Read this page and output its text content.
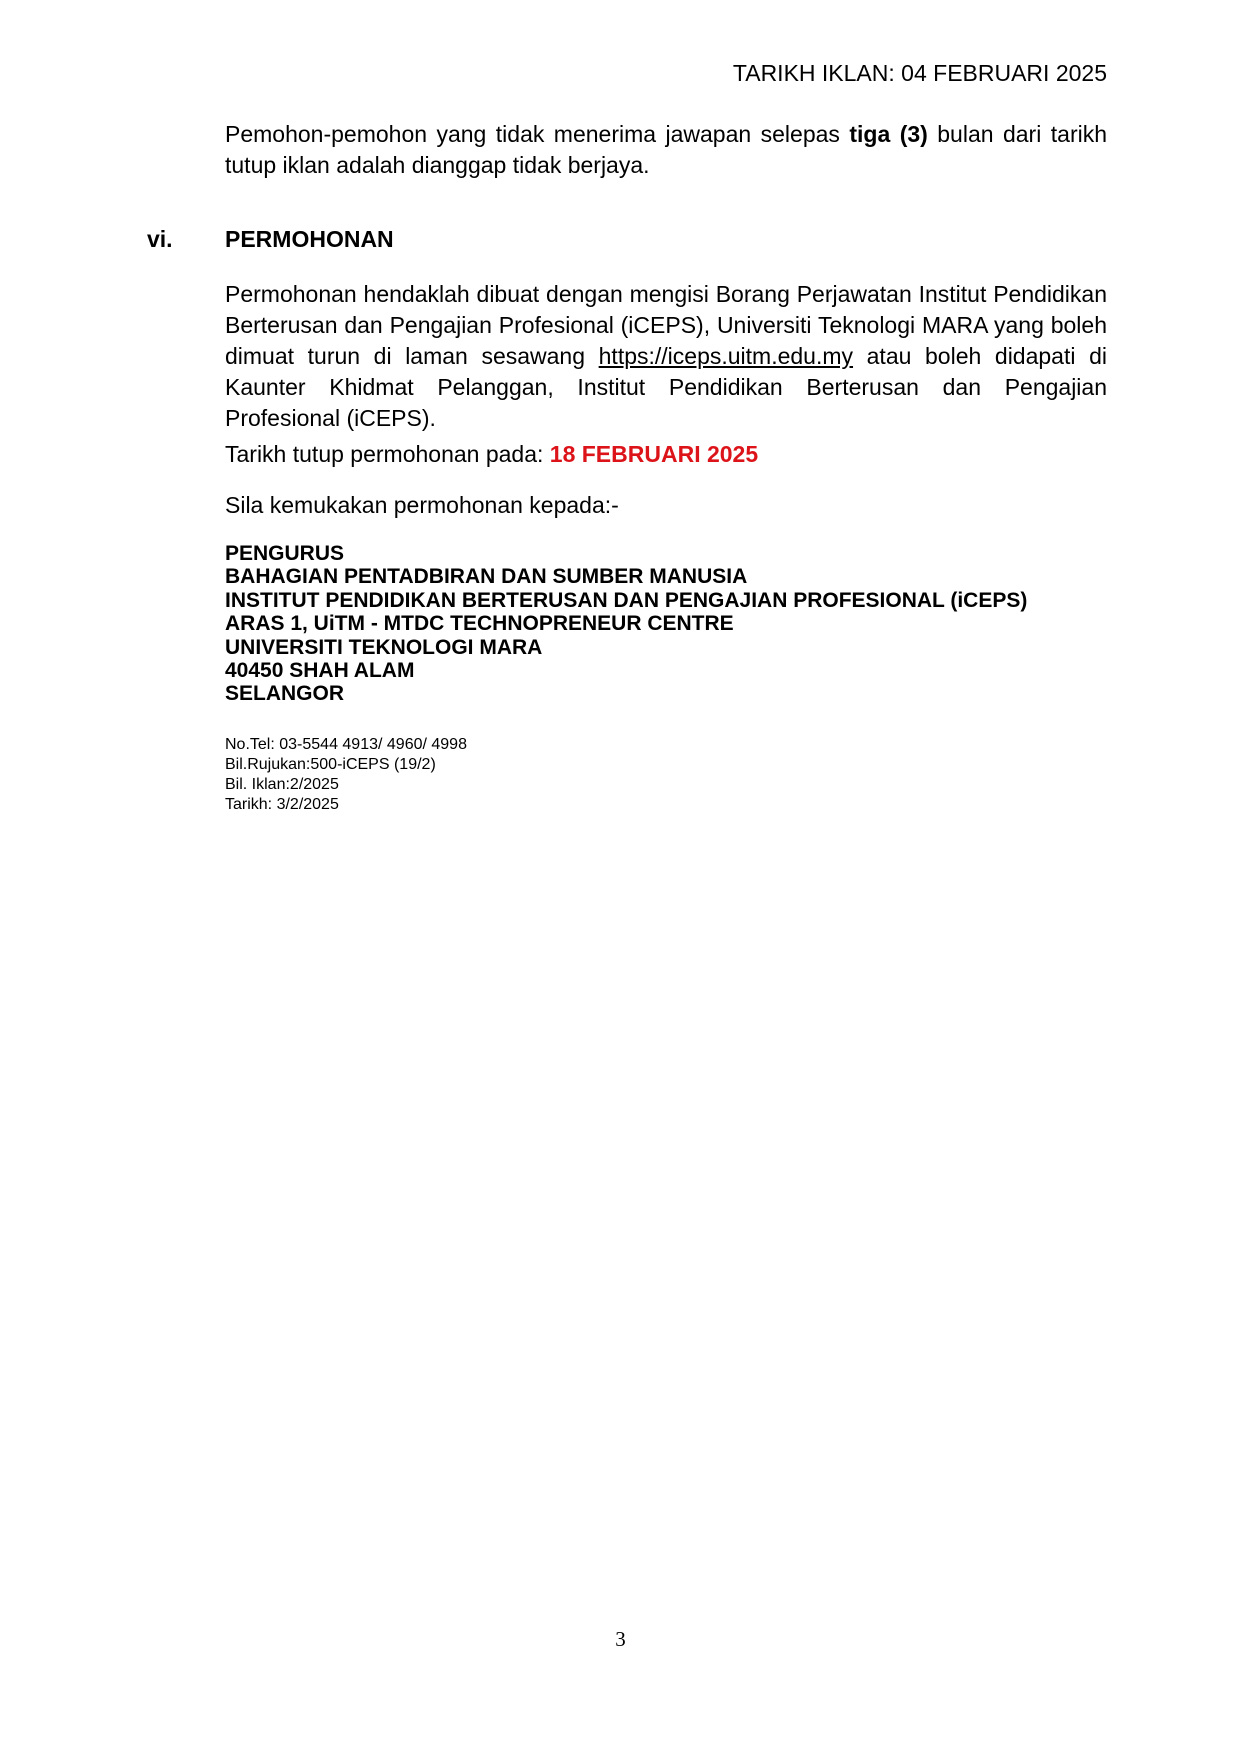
TARIKH IKLAN: 04 FEBRUARI 2025
Pemohon-pemohon yang tidak menerima jawapan selepas tiga (3) bulan dari tarikh tutup iklan adalah dianggap tidak berjaya.
vi.	PERMOHONAN
Permohonan hendaklah dibuat dengan mengisi Borang Perjawatan Institut Pendidikan Berterusan dan Pengajian Profesional (iCEPS), Universiti Teknologi MARA yang boleh dimuat turun di laman sesawang https://iceps.uitm.edu.my atau boleh didapati di Kaunter Khidmat Pelanggan, Institut Pendidikan Berterusan dan Pengajian Profesional (iCEPS).
Tarikh tutup permohonan pada: 18 FEBRUARI 2025
Sila kemukakan permohonan kepada:-
PENGURUS
BAHAGIAN PENTADBIRAN DAN SUMBER MANUSIA
INSTITUT PENDIDIKAN BERTERUSAN DAN PENGAJIAN PROFESIONAL (iCEPS)
ARAS 1, UiTM - MTDC TECHNOPRENEUR CENTRE
UNIVERSITI TEKNOLOGI MARA
40450 SHAH ALAM
SELANGOR
No.Tel: 03-5544 4913/ 4960/ 4998
Bil.Rujukan:500-iCEPS (19/2)
Bil. Iklan:2/2025
Tarikh: 3/2/2025
3
